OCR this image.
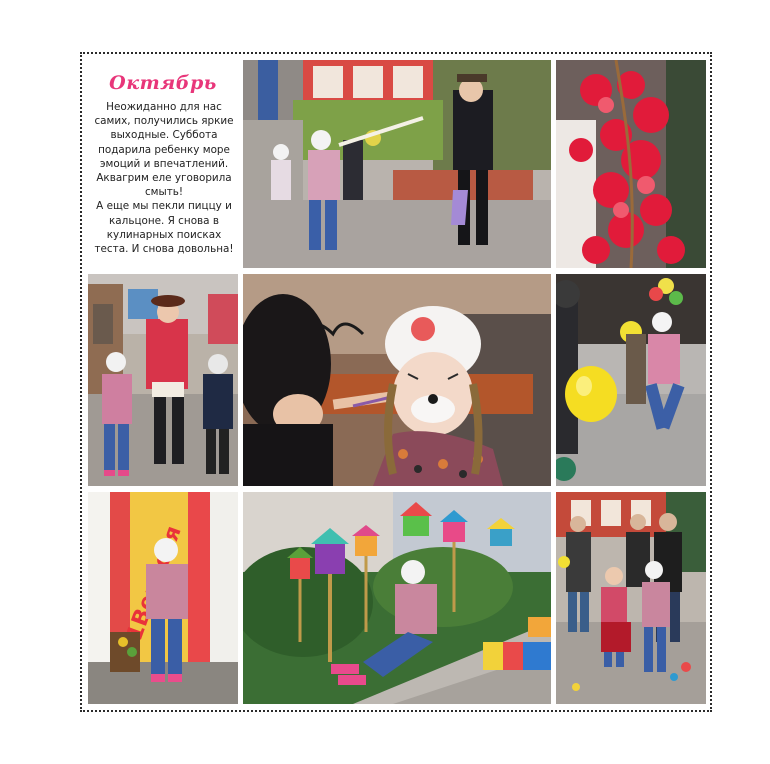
Октябрь
Неожиданно для нас
самих, получились яркие
выходные. Суббота
подарила ребенку море
эмоций и впечатлений.
Аквагрим еле уговорила
смыть!
А еще мы пекли пиццу и
кальцоне. Я снова в
кулинарных поисках
теста. И снова довольна!
